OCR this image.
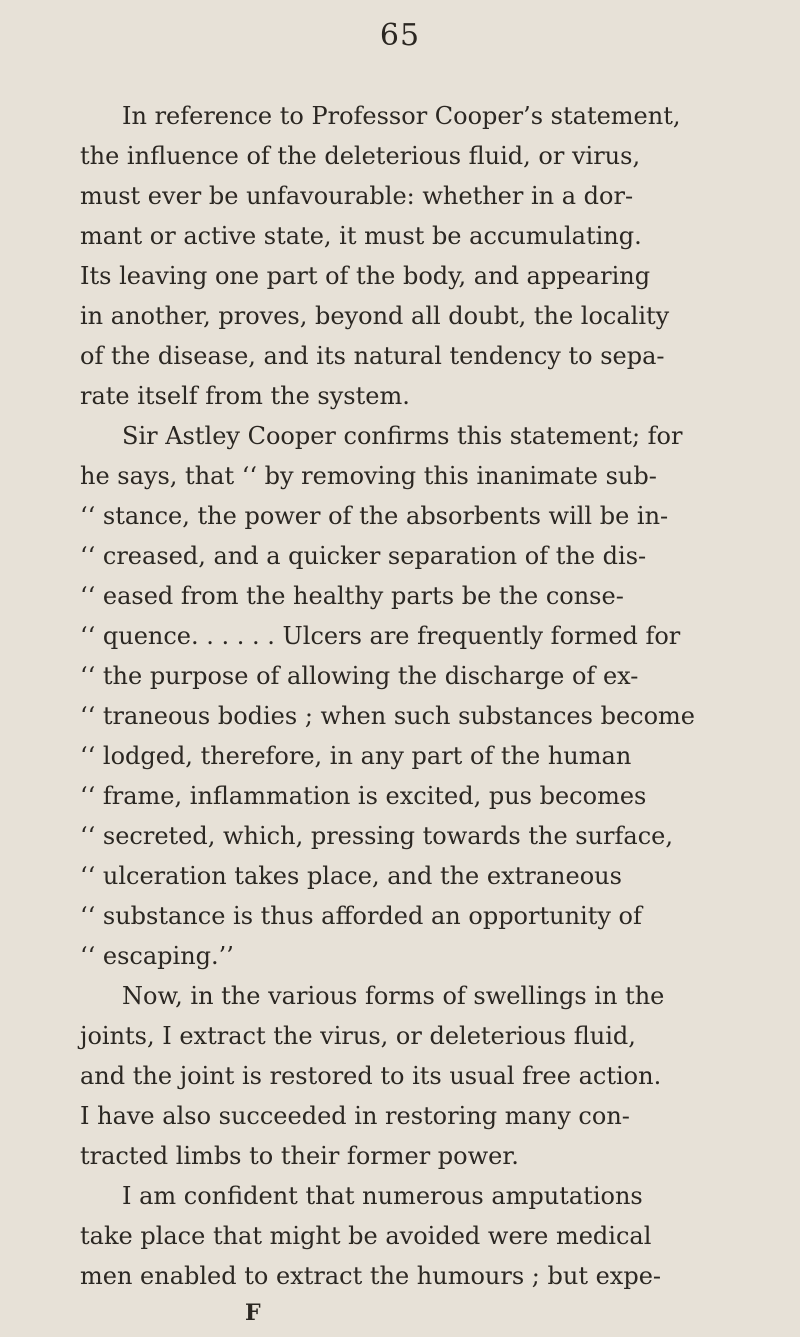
65
In reference to Professor Cooper’s statement,
the influence of the deleterious fluid, or virus,
must ever be unfavourable: whether in a dor-
mant or active state, it must be accumulating.
Its leaving one part of the body, and appearing
in another, proves, beyond all doubt, the locality
of the disease, and its natural tendency to sepa-
rate itself from the system.
Sir Astley Cooper confirms this statement; for
he says, that ‘‘ by removing this inanimate sub-
‘‘ stance, the power of the absorbents will be in-
‘‘ creased, and a quicker separation of the dis-
‘‘ eased from the healthy parts be the conse-
‘‘ quence. . . . . . Ulcers are frequently formed for
‘‘ the purpose of allowing the discharge of ex-
‘‘ traneous bodies ; when such substances become
‘‘ lodged, therefore, in any part of the human
‘‘ frame, inflammation is excited, pus becomes
‘‘ secreted, which, pressing towards the surface,
‘‘ ulceration takes place, and the extraneous
‘‘ substance is thus afforded an opportunity of
‘‘ escaping.’’
Now, in the various forms of swellings in the
joints, I extract the virus, or deleterious fluid,
and the joint is restored to its usual free action.
I have also succeeded in restoring many con-
tracted limbs to their former power.
I am confident that numerous amputations
take place that might be avoided were medical
men enabled to extract the humours ; but expe-
F
